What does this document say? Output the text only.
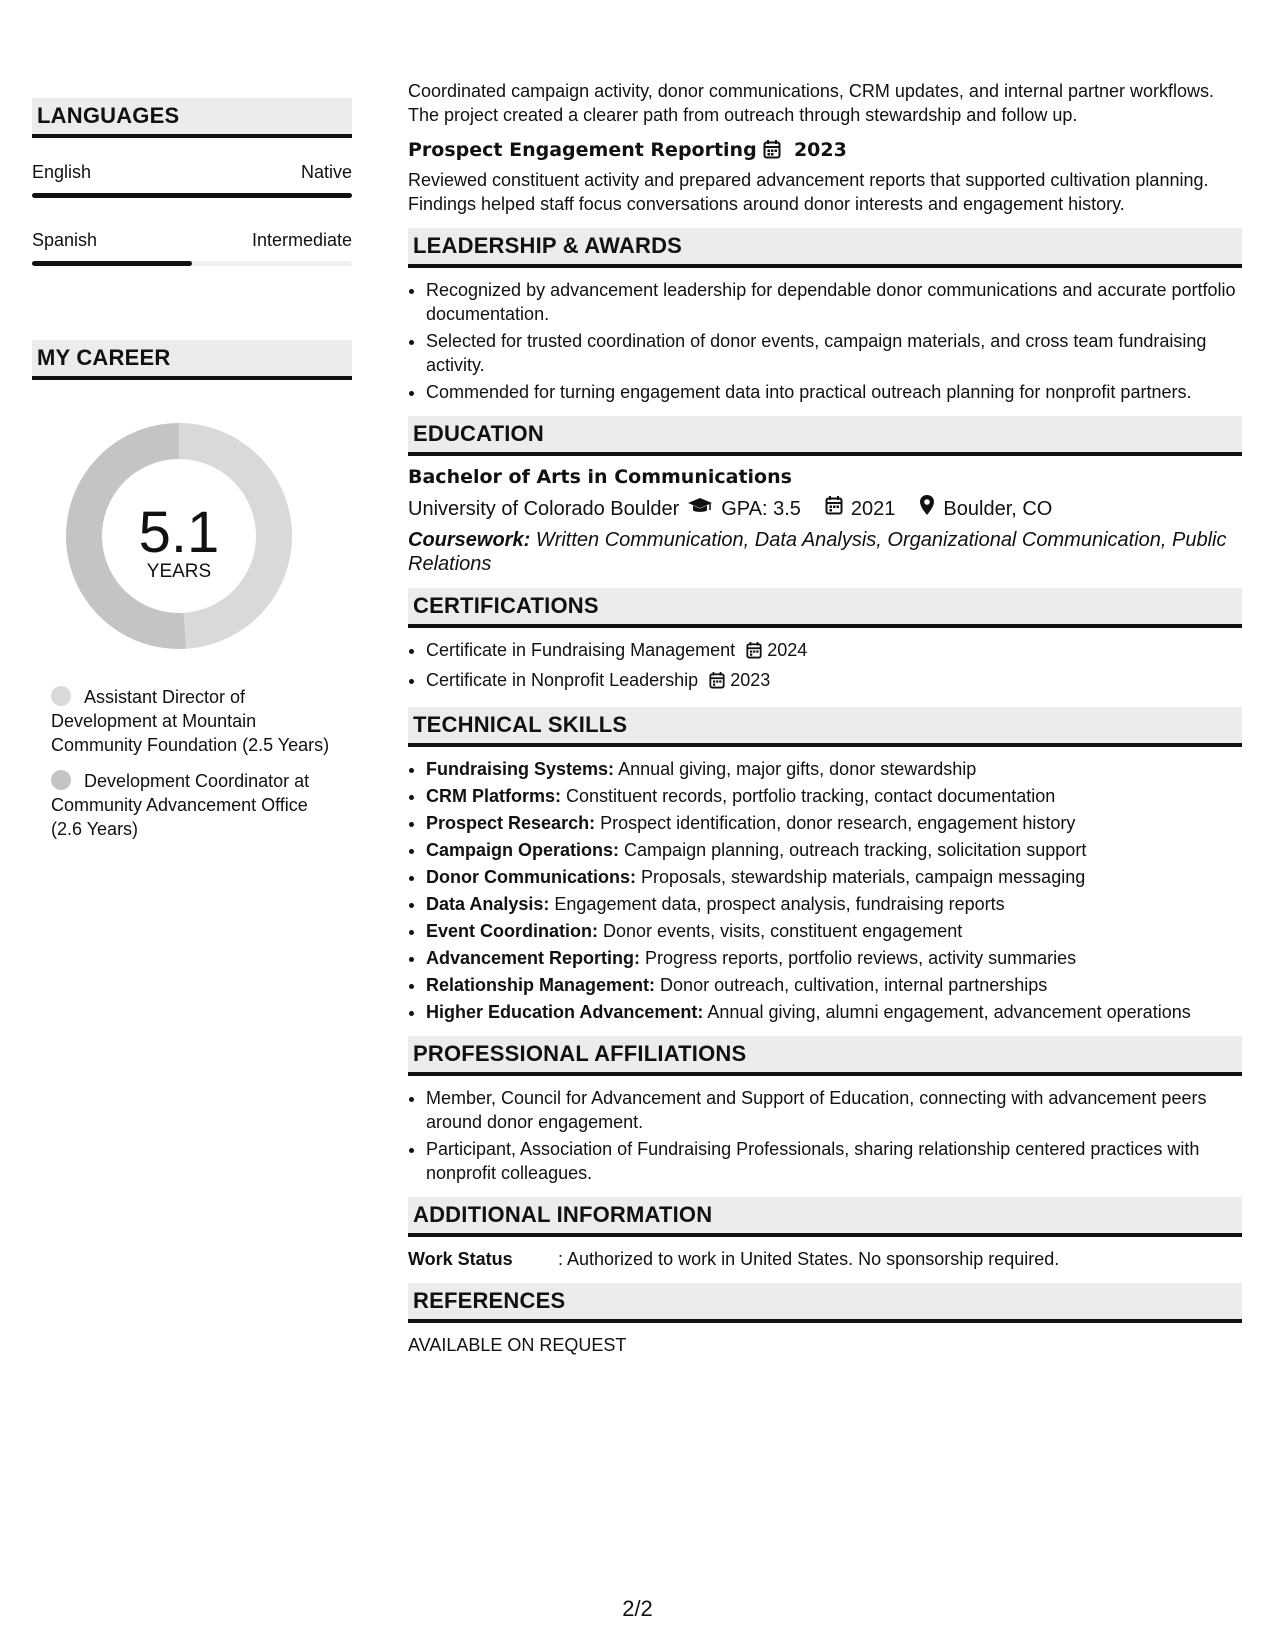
LANGUAGES
English	Native
Spanish	Intermediate
MY CAREER
5.1
YEARS
Assistant Director of Development at Mountain Community Foundation (2.5 Years)
Development Coordinator at Community Advancement Office (2.6 Years)
Coordinated campaign activity, donor communications, CRM updates, and internal partner workflows. The project created a clearer path from outreach through stewardship and follow up.
Prospect Engagement Reporting 2023
Reviewed constituent activity and prepared advancement reports that supported cultivation planning. Findings helped staff focus conversations around donor interests and engagement history.
LEADERSHIP & AWARDS
• Recognized by advancement leadership for dependable donor communications and accurate portfolio documentation.
• Selected for trusted coordination of donor events, campaign materials, and cross team fundraising activity.
• Commended for turning engagement data into practical outreach planning for nonprofit partners.
EDUCATION
Bachelor of Arts in Communications
University of Colorado Boulder GPA: 3.5	2021 Boulder, CO
Coursework: Written Communication, Data Analysis, Organizational Communication, Public Relations
CERTIFICATIONS
• Certificate in Fundraising Management 2024
• Certificate in Nonprofit Leadership 2023
TECHNICAL SKILLS
• Fundraising Systems: Annual giving, major gifts, donor stewardship
• CRM Platforms: Constituent records, portfolio tracking, contact documentation
• Prospect Research: Prospect identification, donor research, engagement history
• Campaign Operations: Campaign planning, outreach tracking, solicitation support
• Donor Communications: Proposals, stewardship materials, campaign messaging
• Data Analysis: Engagement data, prospect analysis, fundraising reports
• Event Coordination: Donor events, visits, constituent engagement
• Advancement Reporting: Progress reports, portfolio reviews, activity summaries
• Relationship Management: Donor outreach, cultivation, internal partnerships
• Higher Education Advancement: Annual giving, alumni engagement, advancement operations
PROFESSIONAL AFFILIATIONS
• Member, Council for Advancement and Support of Education, connecting with advancement peers around donor engagement.
• Participant, Association of Fundraising Professionals, sharing relationship centered practices with nonprofit colleagues.
ADDITIONAL INFORMATION
Work Status	: Authorized to work in United States. No sponsorship required.
REFERENCES
AVAILABLE ON REQUEST
2/2
